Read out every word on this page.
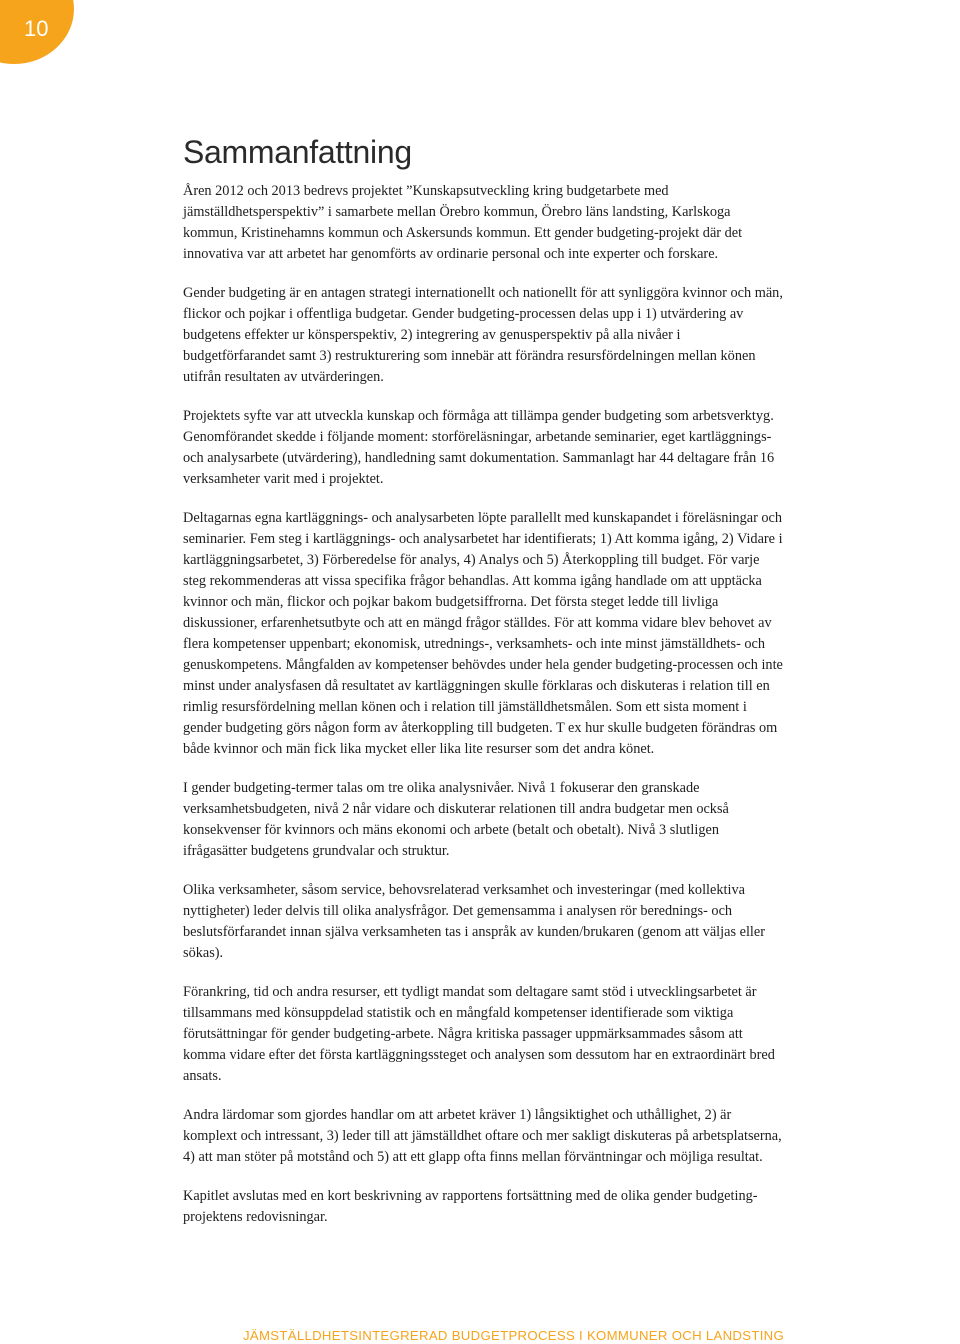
10
Sammanfattning

Åren 2012 och 2013 bedrevs projektet ”Kunskapsutveckling kring budgetarbete med jämställdhetsperspektiv” i samarbete mellan Örebro kommun, Örebro läns landsting, Karlskoga kommun, Kristinehamns kommun och Askersunds kommun. Ett gender budgeting-projekt där det innovativa var att arbetet har genomförts av ordinarie personal och inte experter och forskare.

Gender budgeting är en antagen strategi internationellt och nationellt för att synliggöra kvinnor och män, flickor och pojkar i offentliga budgetar. Gender budgeting-processen delas upp i 1) utvärdering av budgetens effekter ur könsperspektiv, 2) integrering av genusperspektiv på alla nivåer i budgetförfarandet samt 3) restrukturering som innebär att förändra resursfördelningen mellan könen utifrån resultaten av utvärderingen.

Projektets syfte var att utveckla kunskap och förmåga att tillämpa gender budgeting som arbetsverktyg. Genomförandet skedde i följande moment: storföreläsningar, arbetande seminarier, eget kartläggnings- och analysarbete (utvärdering), handledning samt dokumentation. Sammanlagt har 44 deltagare från 16 verksamheter varit med i projektet.

Deltagarnas egna kartläggnings- och analysarbeten löpte parallellt med kunskapandet i föreläsningar och seminarier. Fem steg i kartläggnings- och analysarbetet har identifierats; 1) Att komma igång, 2) Vidare i kartläggningsarbetet, 3) Förberedelse för analys, 4) Analys och 5) Återkoppling till budget. För varje steg rekommenderas att vissa specifika frågor behandlas. Att komma igång handlade om att upptäcka kvinnor och män, flickor och pojkar bakom budgetsiffrorna. Det första steget ledde till livliga diskussioner, erfarenhetsutbyte och att en mängd frågor ställdes. För att komma vidare blev behovet av flera kompetenser uppenbart; ekonomisk, utrednings-, verksamhets- och inte minst jämställdhets- och genuskompetens. Mångfalden av kompetenser behövdes under hela gender budgeting-processen och inte minst under analysfasen då resultatet av kartläggningen skulle förklaras och diskuteras i relation till en rimlig resursfördelning mellan könen och i relation till jämställdhetsmålen. Som ett sista moment i gender budgeting görs någon form av återkoppling till budgeten. T ex hur skulle budgeten förändras om både kvinnor och män fick lika mycket eller lika lite resurser som det andra könet.

I gender budgeting-termer talas om tre olika analysnivåer. Nivå 1 fokuserar den granskade verksamhetsbudgeten, nivå 2 når vidare och diskuterar relationen till andra budgetar men också konsekvenser för kvinnors och mäns ekonomi och arbete (betalt och obetalt). Nivå 3 slutligen ifrågasätter budgetens grundvalar och struktur.

Olika verksamheter, såsom service, behovsrelaterad verksamhet och investeringar (med kollektiva nyttigheter) leder delvis till olika analysfrågor. Det gemensamma i analysen rör berednings- och beslutsförfarandet innan själva verksamheten tas i anspråk av kunden/brukaren (genom att väljas eller sökas).

Förankring, tid och andra resurser, ett tydligt mandat som deltagare samt stöd i utvecklingsarbetet är tillsammans med könsuppdelad statistik och en mångfald kompetenser identifierade som viktiga förutsättningar för gender budgeting-arbete. Några kritiska passager uppmärksammades såsom att komma vidare efter det första kartläggningssteget och analysen som dessutom har en extraordinärt bred ansats.

Andra lärdomar som gjordes handlar om att arbetet kräver 1) långsiktighet och uthållighet, 2) är komplext och intressant, 3) leder till att jämställdhet oftare och mer sakligt diskuteras på arbetsplatserna, 4) att man stöter på motstånd och 5) att ett glapp ofta finns mellan förväntningar och möjliga resultat.

Kapitlet avslutas med en kort beskrivning av rapportens fortsättning med de olika gender budgeting-projektens redovisningar.

JÄMSTÄLLDHETSINTEGRERAD BUDGETPROCESS I KOMMUNER OCH LANDSTING
